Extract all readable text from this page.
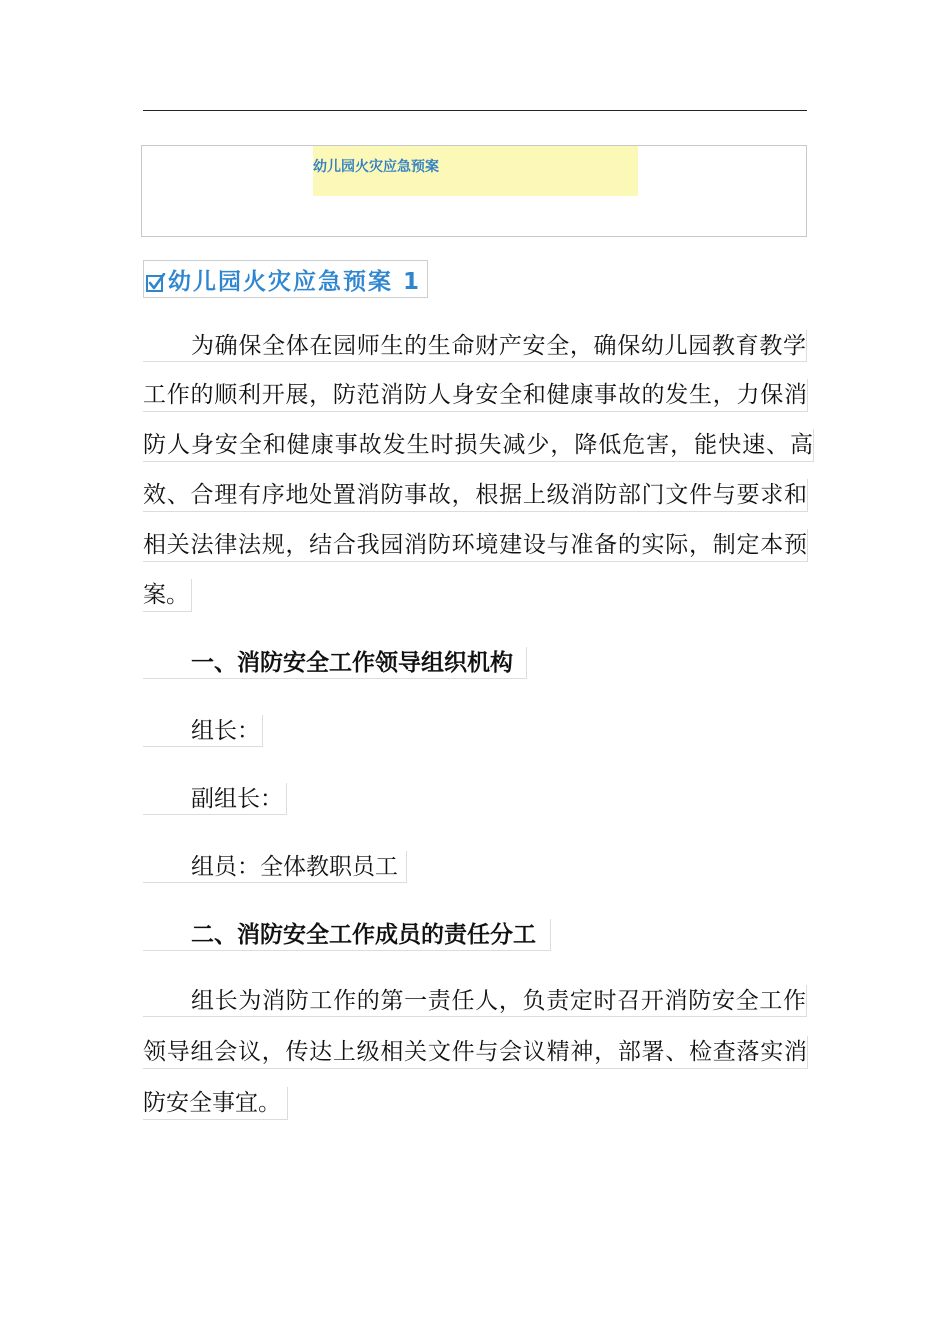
幼儿园火灾应急预案
幼儿园火灾应急预案 1
为确保全体在园师生的生命财产安全，确保幼儿园教育教学
工作的顺利开展，防范消防人身安全和健康事故的发生，力保消
防人身安全和健康事故发生时损失减少，降低危害，能快速、高
效、合理有序地处置消防事故，根据上级消防部门文件与要求和
相关法律法规，结合我园消防环境建设与准备的实际，制定本预
案。
一、消防安全工作领导组织机构
组长：
副组长：
组员：全体教职员工
二、消防安全工作成员的责任分工
组长为消防工作的第一责任人，负责定时召开消防安全工作
领导组会议，传达上级相关文件与会议精神，部署、检查落实消
防安全事宜。
